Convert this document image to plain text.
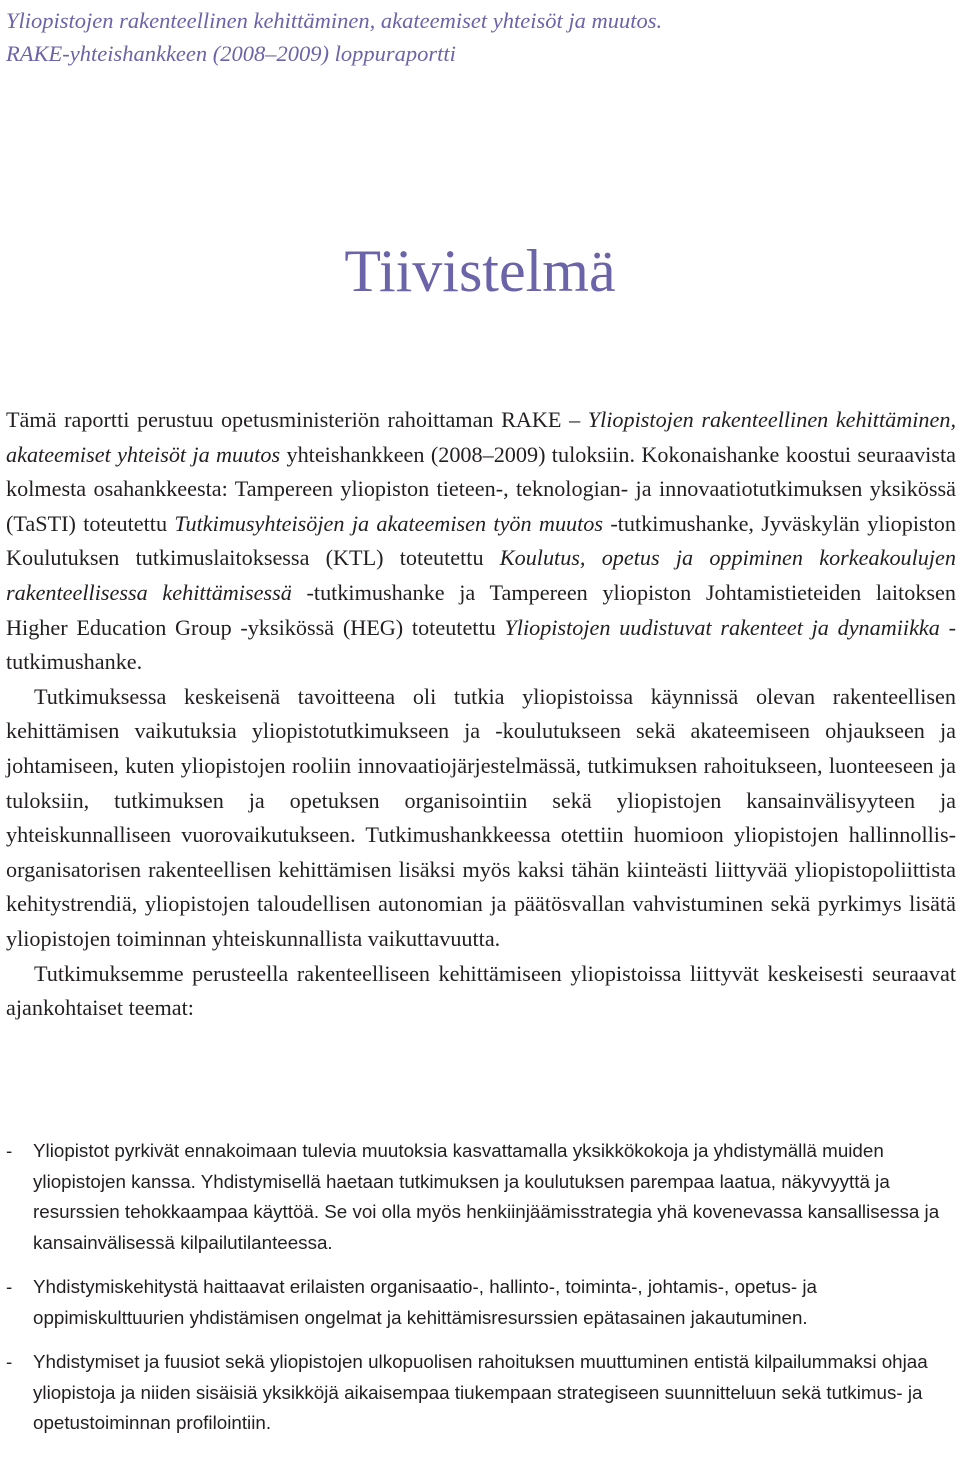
Yliopistojen rakenteellinen kehittäminen, akateemiset yhteisöt ja muutos.

RAKE-yhteishankkeen (2008–2009) loppuraportti

Tiivistelmä

Tämä raportti perustuu opetusministeriön rahoittaman RAKE – Yliopistojen rakenteellinen kehittäminen, akateemiset yhteisöt ja muutos yhteishankkeen (2008–2009) tuloksiin. Kokonaishanke koostui seuraavista kolmesta osahankkeesta: Tampereen yliopiston tieteen-, teknologian- ja innovaatiotutkimuksen yksikössä (TaSTI) toteutettu Tutkimusyhteisöjen ja akateemisen työn muutos -tutkimushanke, Jyväskylän yliopiston Koulutuksen tutkimuslaitoksessa (KTL) toteutettu Koulutus, opetus ja oppiminen korkeakoulujen rakenteellisessa kehittämisessä -tutkimushanke ja Tampereen yliopiston Johtamistieteiden laitoksen Higher Education Group -yksikössä (HEG) toteutettu Yliopistojen uudistuvat rakenteet ja dynamiikka -tutkimushanke.

Tutkimuksessa keskeisenä tavoitteena oli tutkia yliopistoissa käynnissä olevan rakenteellisen kehittämisen vaikutuksia yliopistotutkimukseen ja -koulutukseen sekä akateemiseen ohjaukseen ja johtamiseen, kuten yliopistojen rooliin innovaatiojärjestelmässä, tutkimuksen rahoitukseen, luonteeseen ja tuloksiin, tutkimuksen ja opetuksen organisointiin sekä yliopistojen kansainvälisyyteen ja yhteiskunnalliseen vuorovaikutukseen. Tutkimushankkeessa otettiin huomioon yliopistojen hallinnollis-organisatorisen rakenteellisen kehittämisen lisäksi myös kaksi tähän kiinteästi liittyvää yliopistopoliittista kehitystrendiä, yliopistojen taloudellisen autonomian ja päätösvallan vahvistuminen sekä pyrkimys lisätä yliopistojen toiminnan yhteiskunnallista vaikuttavuutta.

Tutkimuksemme perusteella rakenteelliseen kehittämiseen yliopistoissa liittyvät keskeisesti seuraavat ajankohtaiset teemat:

-	Yliopistot pyrkivät ennakoimaan tulevia muutoksia kasvattamalla yksikkökokoja ja yhdistymällä muiden yliopistojen kanssa. Yhdistymisellä haetaan tutkimuksen ja koulutuksen parempaa laatua, näkyvyyttä ja resurssien tehokkaampaa käyttöä. Se voi olla myös henkiinjäämisstrategia yhä kovenevassa kansallisessa ja kansainvälisessä kilpailutilanteessa.
-	Yhdistymiskehitystä haittaavat erilaisten organisaatio-, hallinto-, toiminta-, johtamis-, opetus- ja oppimiskulttuurien yhdistämisen ongelmat ja kehittämisresurssien epätasainen jakautuminen.
-	Yhdistymiset ja fuusiot sekä yliopistojen ulkopuolisen rahoituksen muuttuminen entistä kilpailummaksi ohjaa yliopistoja ja niiden sisäisiä yksikköjä aikaisempaa tiukempaan strategiseen suunnitteluun sekä tutkimus- ja opetustoiminnan profilointiin.
